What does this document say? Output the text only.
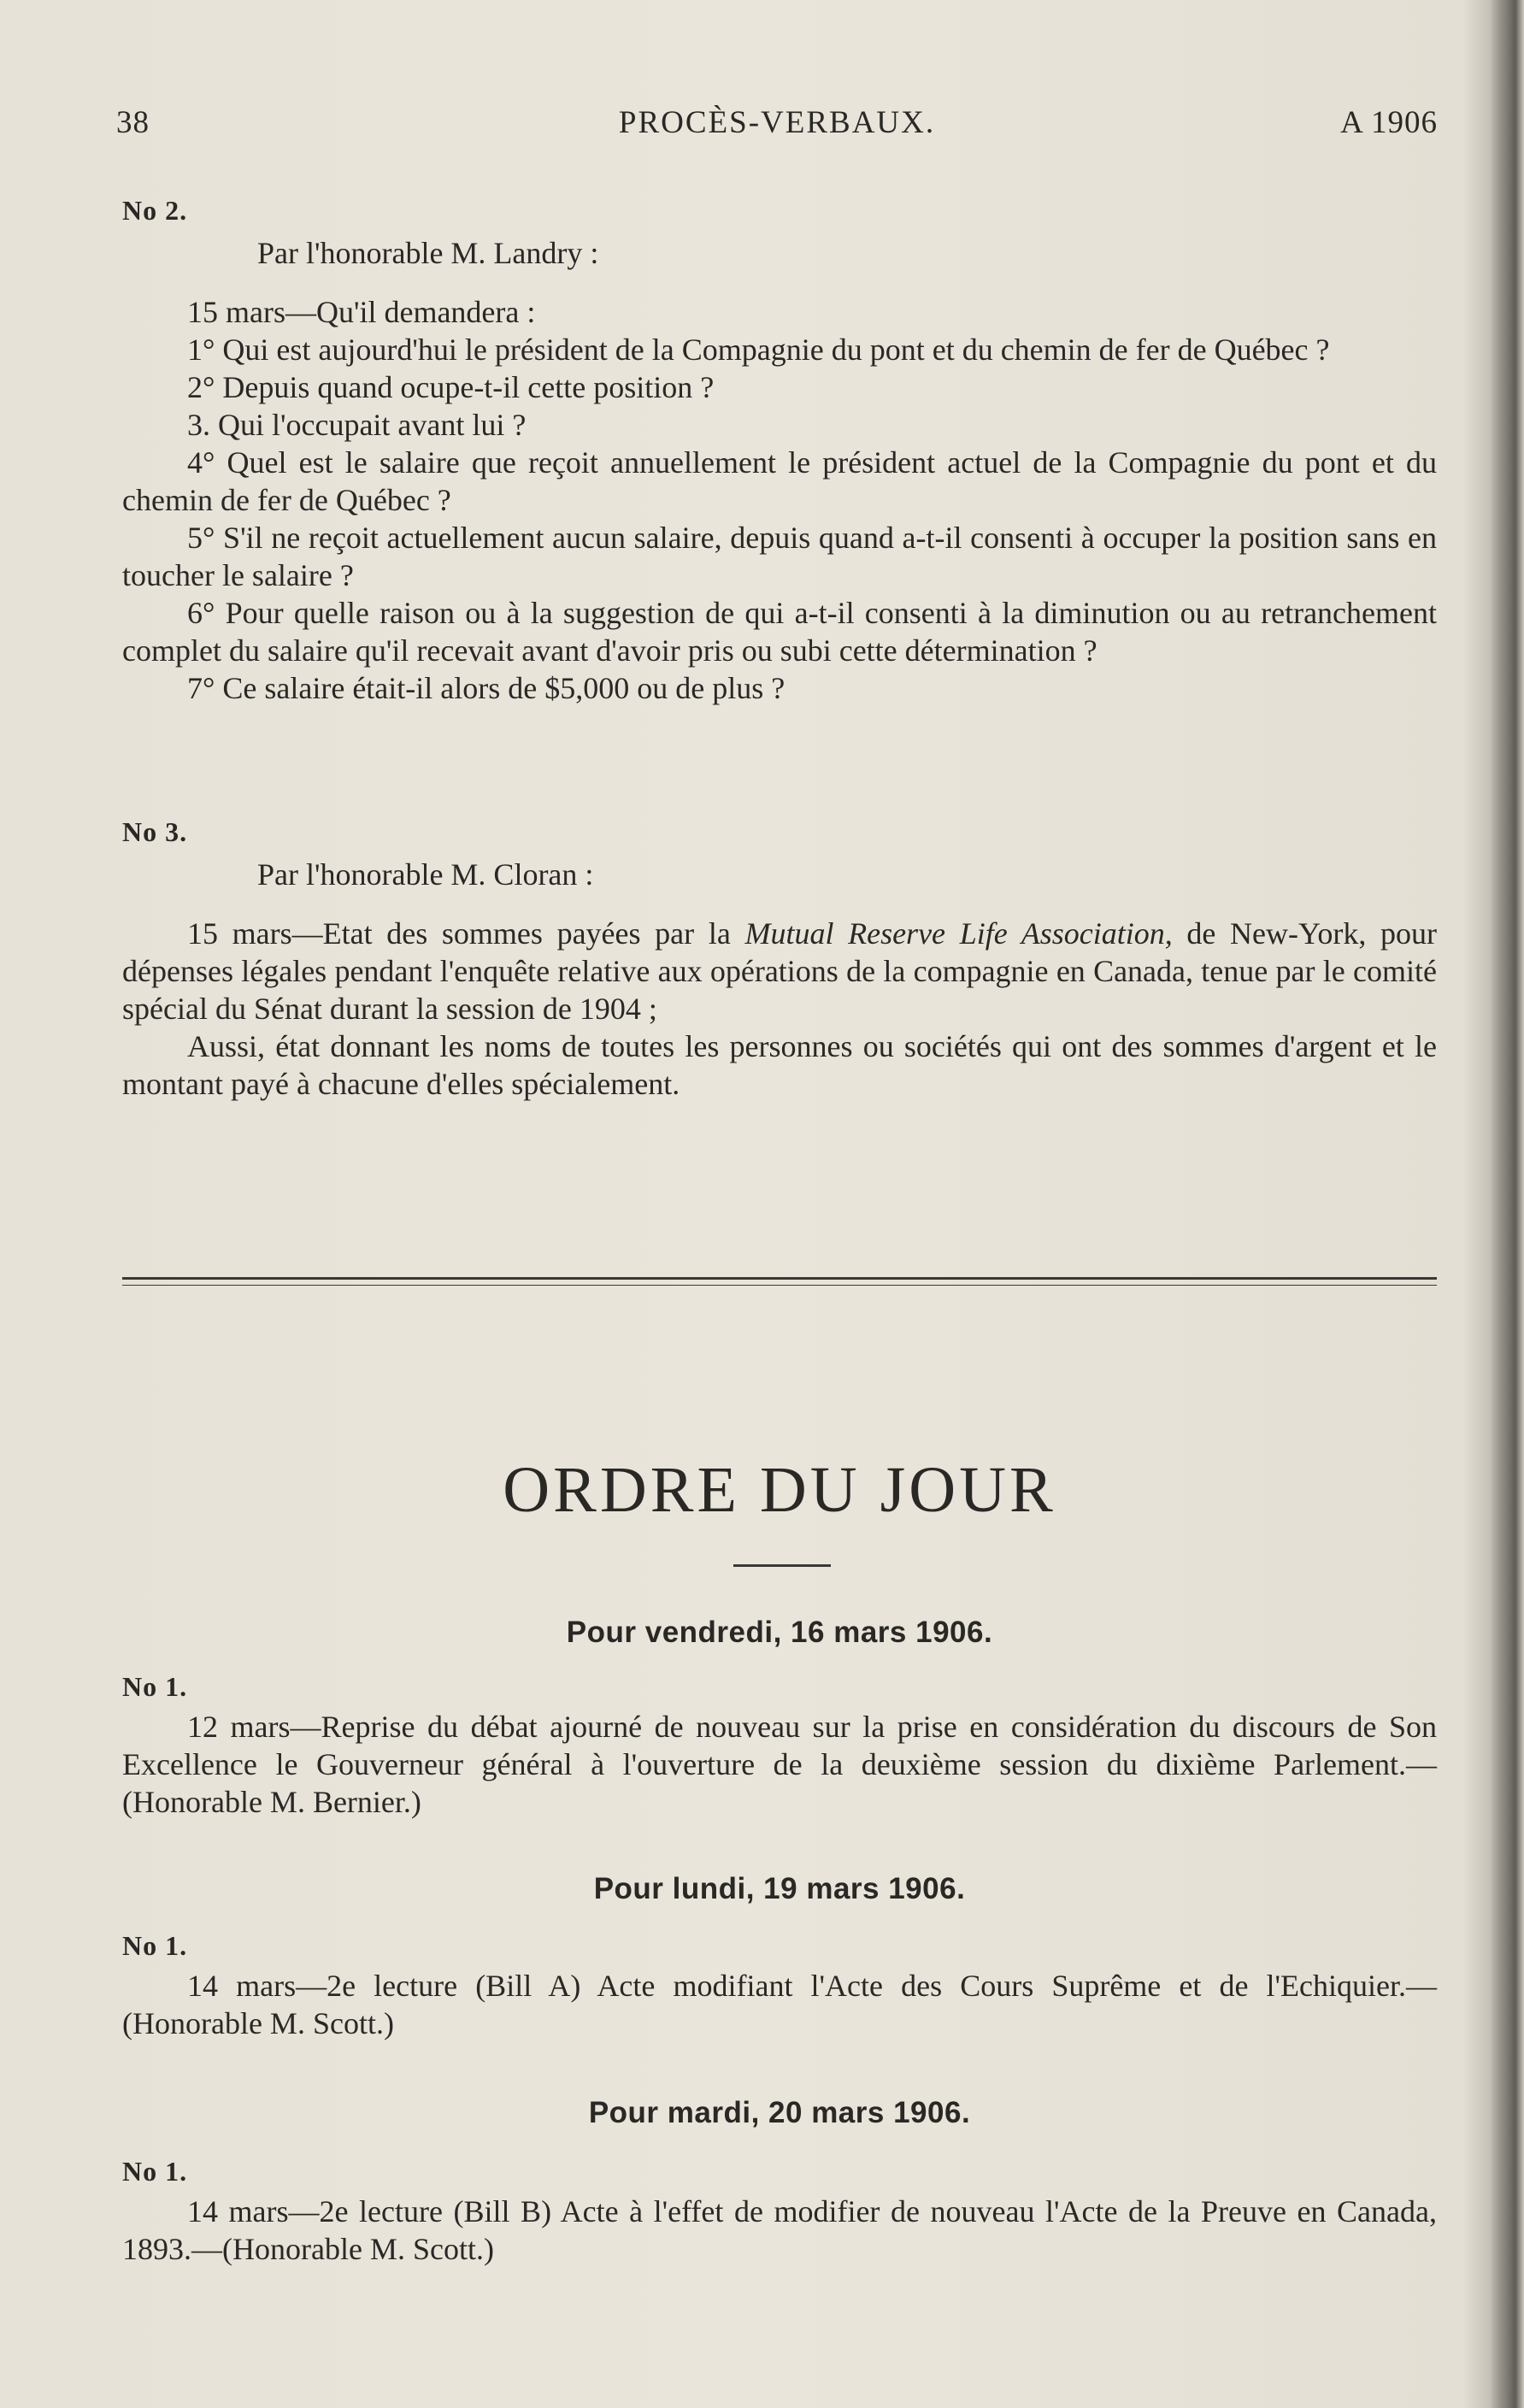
38	PROCÈS-VERBAUX.	A 1906
No 2.
Par l'honorable M. Landry :

15 mars—Qu'il demandera :

1° Qui est aujourd'hui le président de la Compagnie du pont et du chemin de fer de Québec ?

2° Depuis quand ocupe-t-il cette position ?

3. Qui l'occupait avant lui ?

4° Quel est le salaire que reçoit annuellement le président actuel de la Compagnie du pont et du chemin de fer de Québec ?

5° S'il ne reçoit actuellement aucun salaire, depuis quand a-t-il consenti à occuper la position sans en toucher le salaire ?

6° Pour quelle raison ou à la suggestion de qui a-t-il consenti à la diminution ou au retranchement complet du salaire qu'il recevait avant d'avoir pris ou subi cette détermination ?

7° Ce salaire était-il alors de $5,000 ou de plus ?

No 3.
Par l'honorable M. Cloran :

15 mars—Etat des sommes payées par la Mutual Reserve Life Association, de New-York, pour dépenses légales pendant l'enquête relative aux opérations de la compagnie en Canada, tenue par le comité spécial du Sénat durant la session de 1904 ;

Aussi, état donnant les noms de toutes les personnes ou sociétés qui ont des sommes d'argent et le montant payé à chacune d'elles spécialement.

ORDRE DU JOUR
Pour vendredi, 16 mars 1906.
No 1.

12 mars—Reprise du débat ajourné de nouveau sur la prise en considération du discours de Son Excellence le Gouverneur général à l'ouverture de la deuxième session du dixième Parlement.—(Honorable M. Bernier.)

Pour lundi, 19 mars 1906.
No 1.

14 mars—2e lecture (Bill A) Acte modifiant l'Acte des Cours Suprême et de l'Echiquier.—(Honorable M. Scott.)

Pour mardi, 20 mars 1906.
No 1.

14 mars—2e lecture (Bill B) Acte à l'effet de modifier de nouveau l'Acte de la Preuve en Canada, 1893.—(Honorable M. Scott.)
